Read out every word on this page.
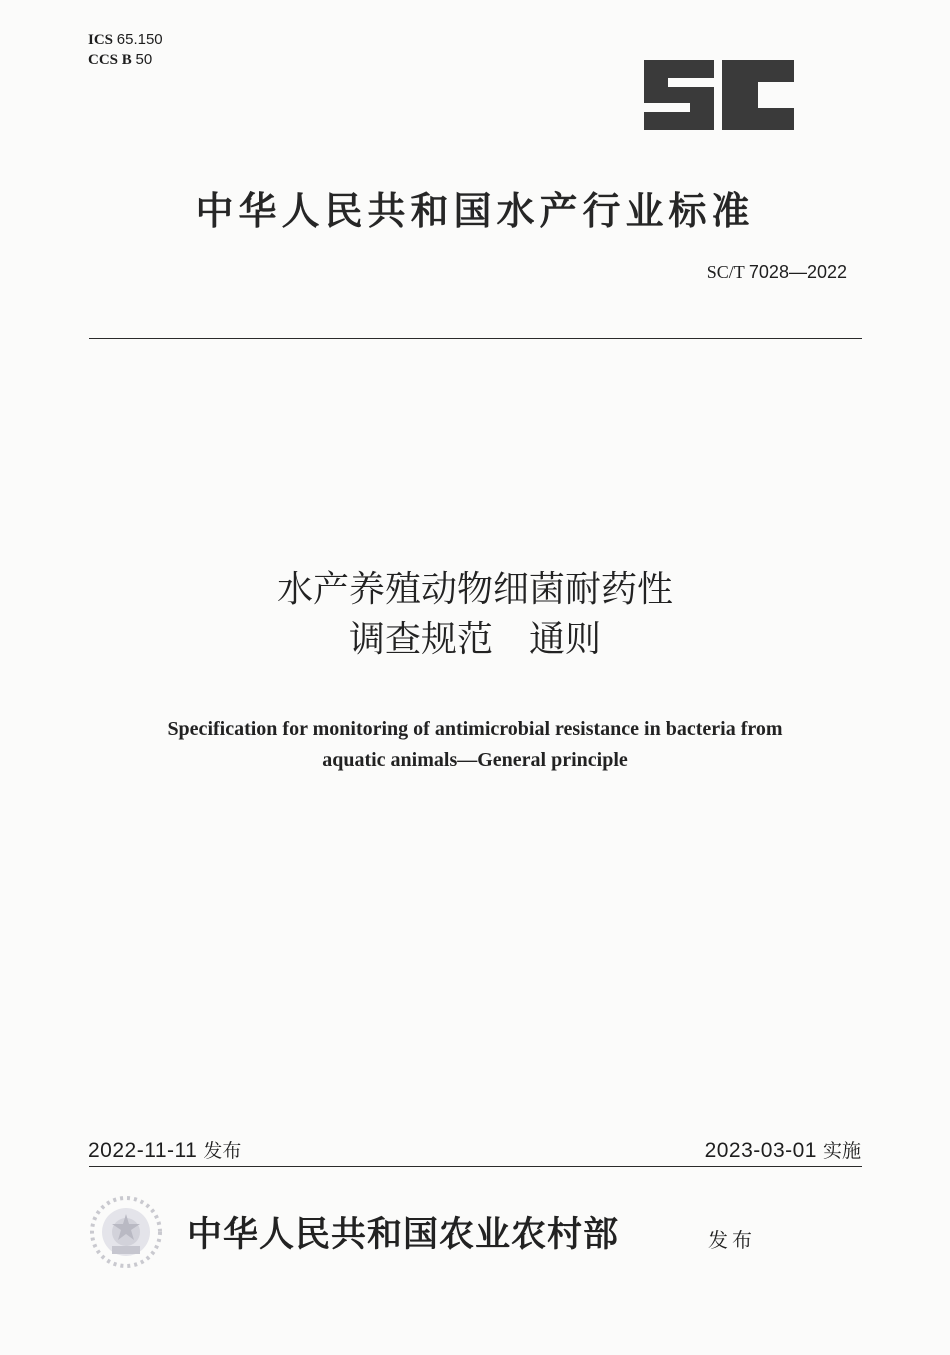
ICS 65.150
CCS B 50
中华人民共和国水产行业标准
SC/T 7028—2022
水产养殖动物细菌耐药性
调查规范　通则
Specification for monitoring of antimicrobial resistance in bacteria from
aquatic animals—General principle
2022-11-11 发布	2023-03-01 实施
中华人民共和国农业农村部	发布
